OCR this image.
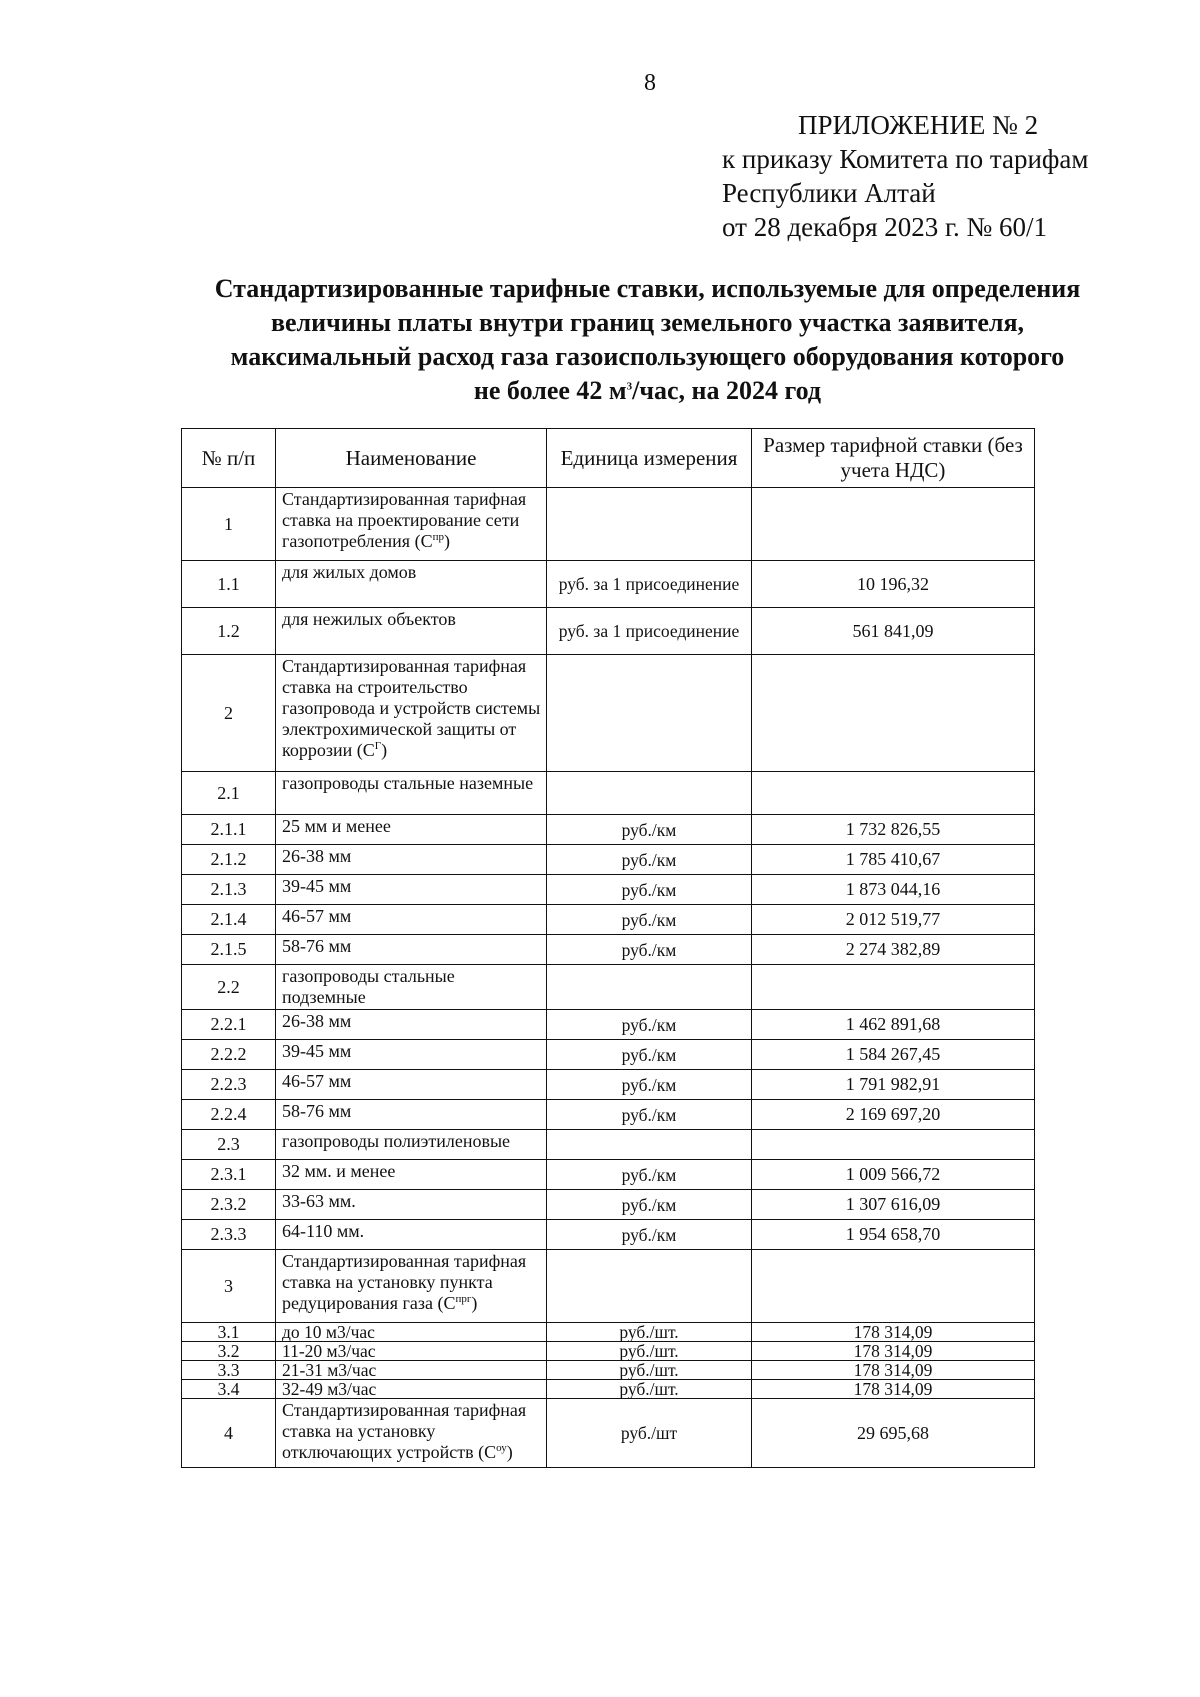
8
ПРИЛОЖЕНИЕ № 2
к приказу Комитета по тарифам
Республики Алтай
от 28 декабря 2023 г. № 60/1
Стандартизированные тарифные ставки, используемые для определения
величины платы внутри границ земельного участка заявителя,
максимальный расход газа газоиспользующего оборудования которого
не более 42 $м^3$/час, на 2024 год
№ п/п	Наименование	Единица измерения	Размер тарифной ставки (без учета НДС)
1	Стандартизированная тарифная ставка на проектирование сети газопотребления $(С^{пр})$		
1.1	для жилых домов	руб. за 1 присоединение	10 196,32
1.2	для нежилых объектов	руб. за 1 присоединение	561 841,09
2	Стандартизированная тарифная ставка на строительство газопровода и устройств системы электрохимической защиты от коррозии $(С^Г)$		
2.1	газопроводы стальные наземные		
2.1.1	25 мм и менее	руб./км	1 732 826,55
2.1.2	26-38 мм	руб./км	1 785 410,67
2.1.3	39-45 мм	руб./км	1 873 044,16
2.1.4	46-57 мм	руб./км	2 012 519,77
2.1.5	58-76 мм	руб./км	2 274 382,89
2.2	газопроводы стальные подземные		
2.2.1	26-38 мм	руб./км	1 462 891,68
2.2.2	39-45 мм	руб./км	1 584 267,45
2.2.3	46-57 мм	руб./км	1 791 982,91
2.2.4	58-76 мм	руб./км	2 169 697,20
2.3	газопроводы полиэтиленовые		
2.3.1	32 мм. и менее	руб./км	1 009 566,72
2.3.2	33-63 мм.	руб./км	1 307 616,09
2.3.3	64-110 мм.	руб./км	1 954 658,70
3	Стандартизированная тарифная ставка на установку пункта редуцирования газа $(С^{прг})$		
3.1	до 10 м3/час	руб./шт.	178 314,09
3.2	11-20 м3/час	руб./шт.	178 314,09
3.3	21-31 м3/час	руб./шт.	178 314,09
3.4	32-49 м3/час	руб./шт.	178 314,09
4	Стандартизированная тарифная ставка на установку отключающих устройств $(С^{оу})$	руб./шт	29 695,68
